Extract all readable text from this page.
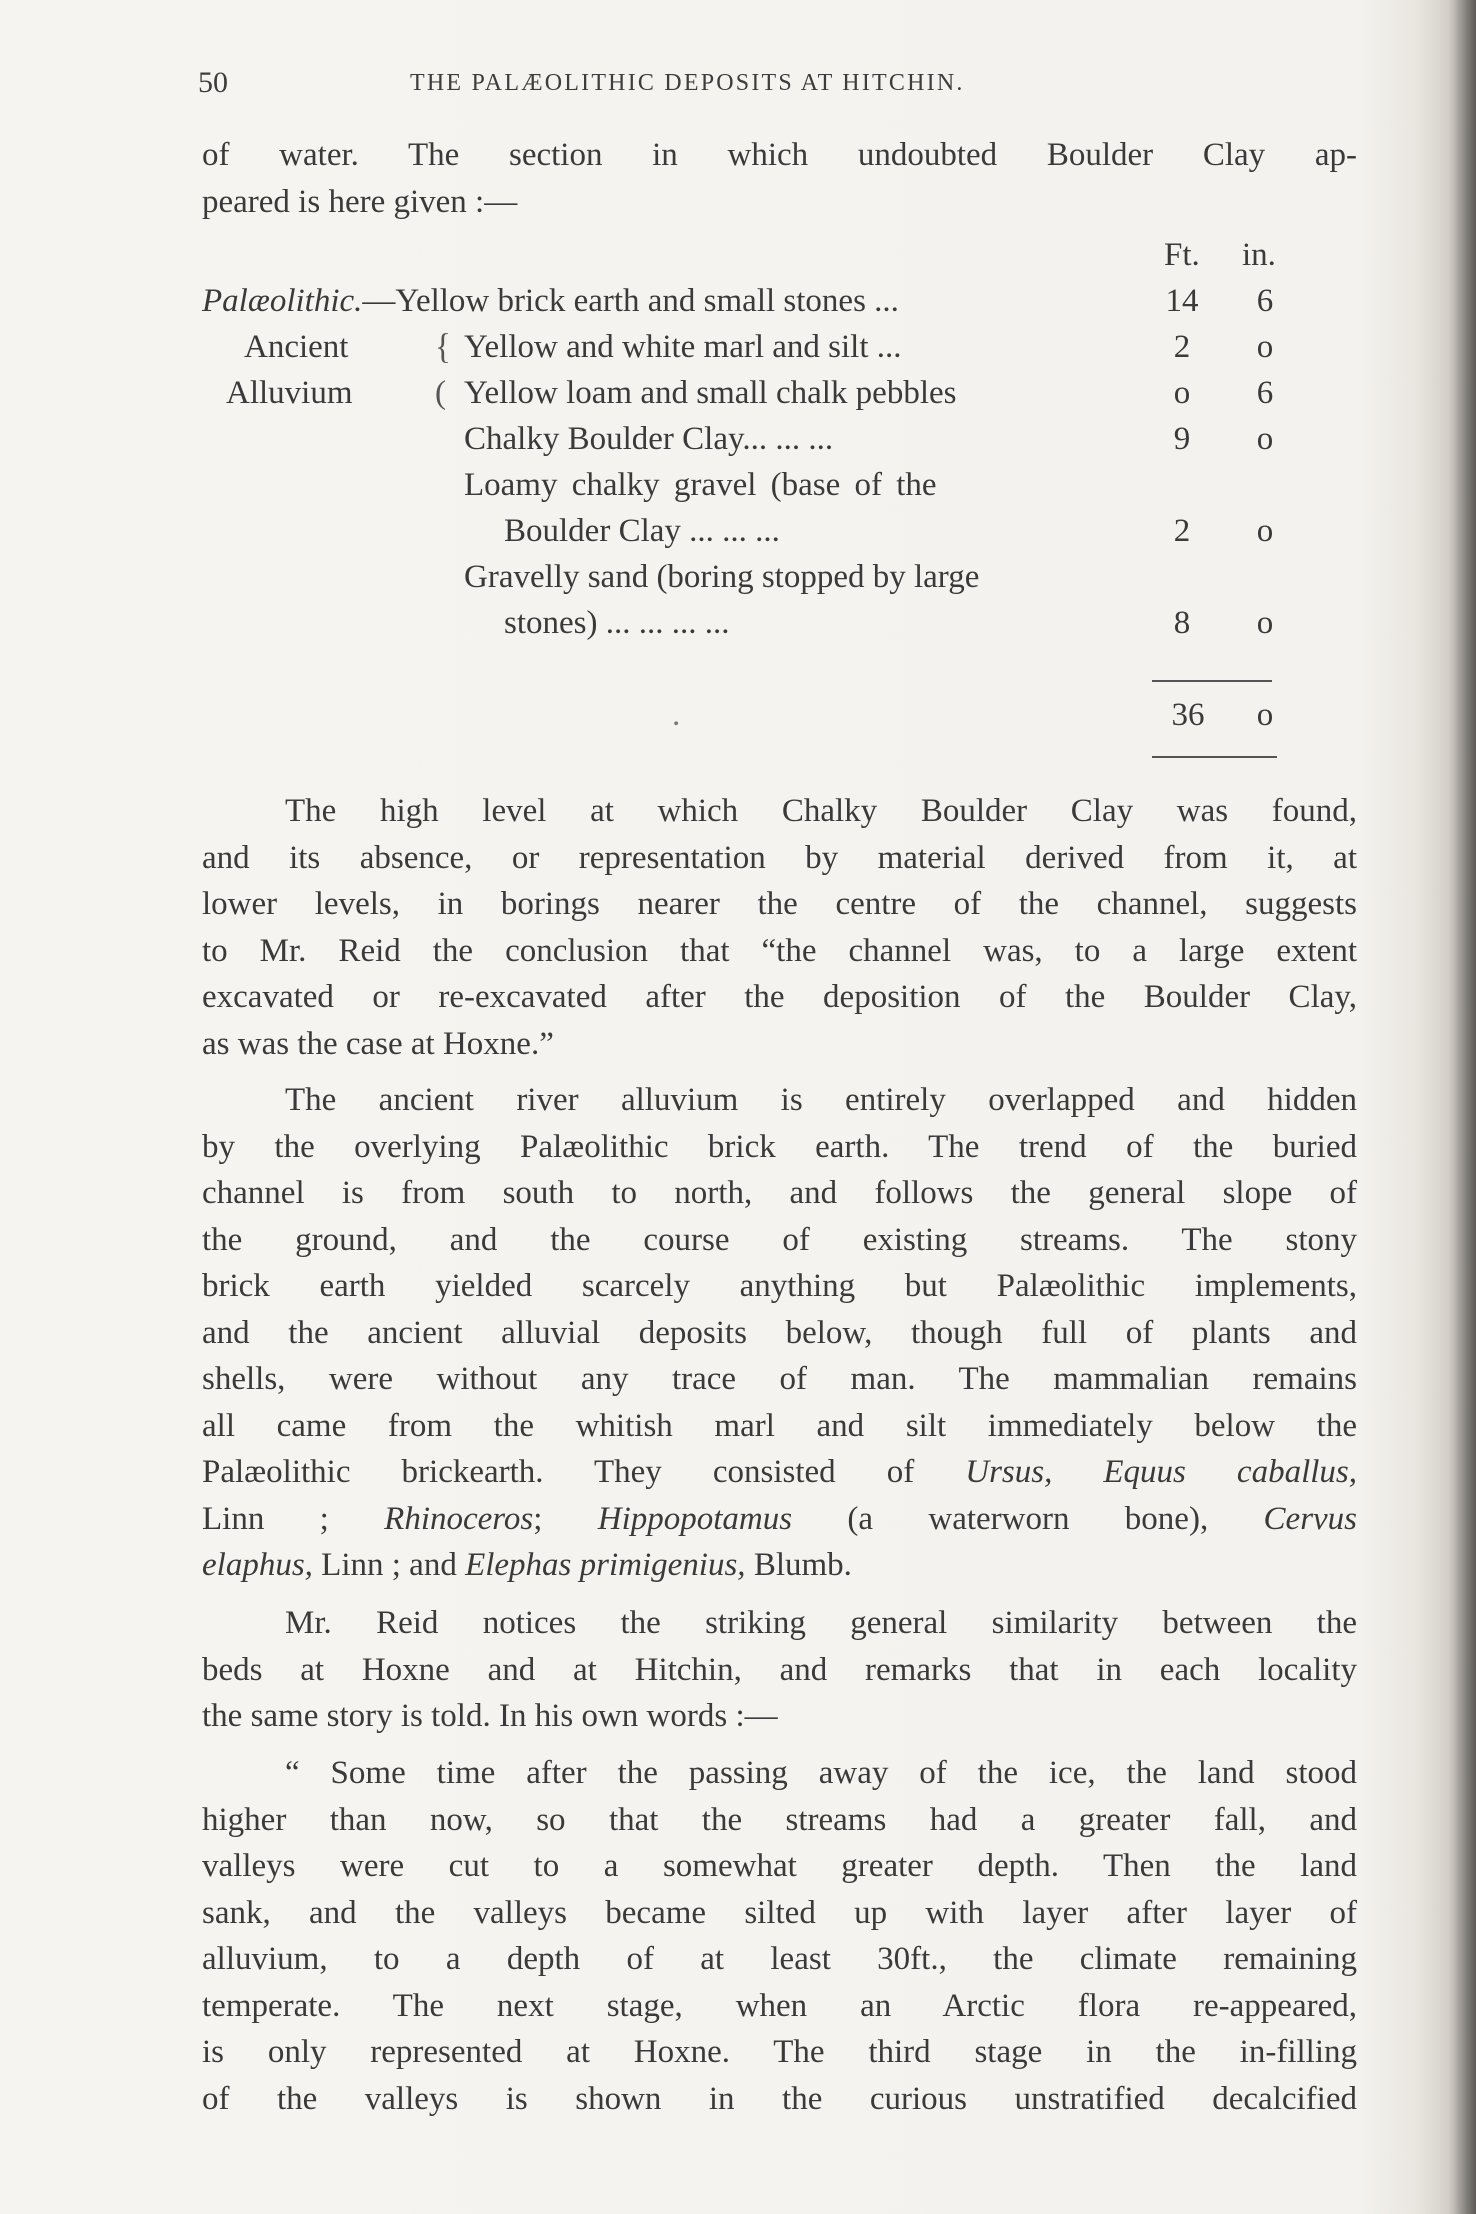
50	THE PALÆOLITHIC DEPOSITS AT HITCHIN.
of water. The section in which undoubted Boulder Clay ap-
peared is here given :—
Ft. in.
Palæolithic.—Yellow brick earth and small stones ...	14	6
Ancient	{ Yellow and white marl and silt ...	2	o
Alluvium ( Yellow loam and small chalk pebbles	o	6
Chalky Boulder Clay... ... ...	9	o
Loamy chalky gravel (base of the
Boulder Clay ... ... ...	2	o
Gravelly sand (boring stopped by large
stones) ... ... ... ...	8	o
.	36	o
The high level at which Chalky Boulder Clay was found,
and its absence, or representation by material derived from it, at
lower levels, in borings nearer the centre of the channel, suggests
to Mr. Reid the conclusion that “the channel was, to a large extent
excavated or re-excavated after the deposition of the Boulder Clay,
as was the case at Hoxne.”
The ancient river alluvium is entirely overlapped and hidden
by the overlying Palæolithic brick earth. The trend of the buried
channel is from south to north, and follows the general slope of
the ground, and the course of existing streams. The stony
brick earth yielded scarcely anything but Palæolithic implements,
and the ancient alluvial deposits below, though full of plants and
shells, were without any trace of man. The mammalian remains
all came from the whitish marl and silt immediately below the
Palæolithic brickearth. They consisted of Ursus, Equus caballus,
Linn ; Rhinoceros; Hippopotamus (a waterworn bone), Cervus
elaphus, Linn ; and Elephas primigenius, Blumb.
Mr. Reid notices the striking general similarity between the
beds at Hoxne and at Hitchin, and remarks that in each locality
the same story is told. In his own words :—
“ Some time after the passing away of the ice, the land stood
higher than now, so that the streams had a greater fall, and
valleys were cut to a somewhat greater depth. Then the land
sank, and the valleys became silted up with layer after layer of
alluvium, to a depth of at least 30ft., the climate remaining
temperate. The next stage, when an Arctic flora re-appeared,
is only represented at Hoxne. The third stage in the in-filling
of the valleys is shown in the curious unstratified decalcified
